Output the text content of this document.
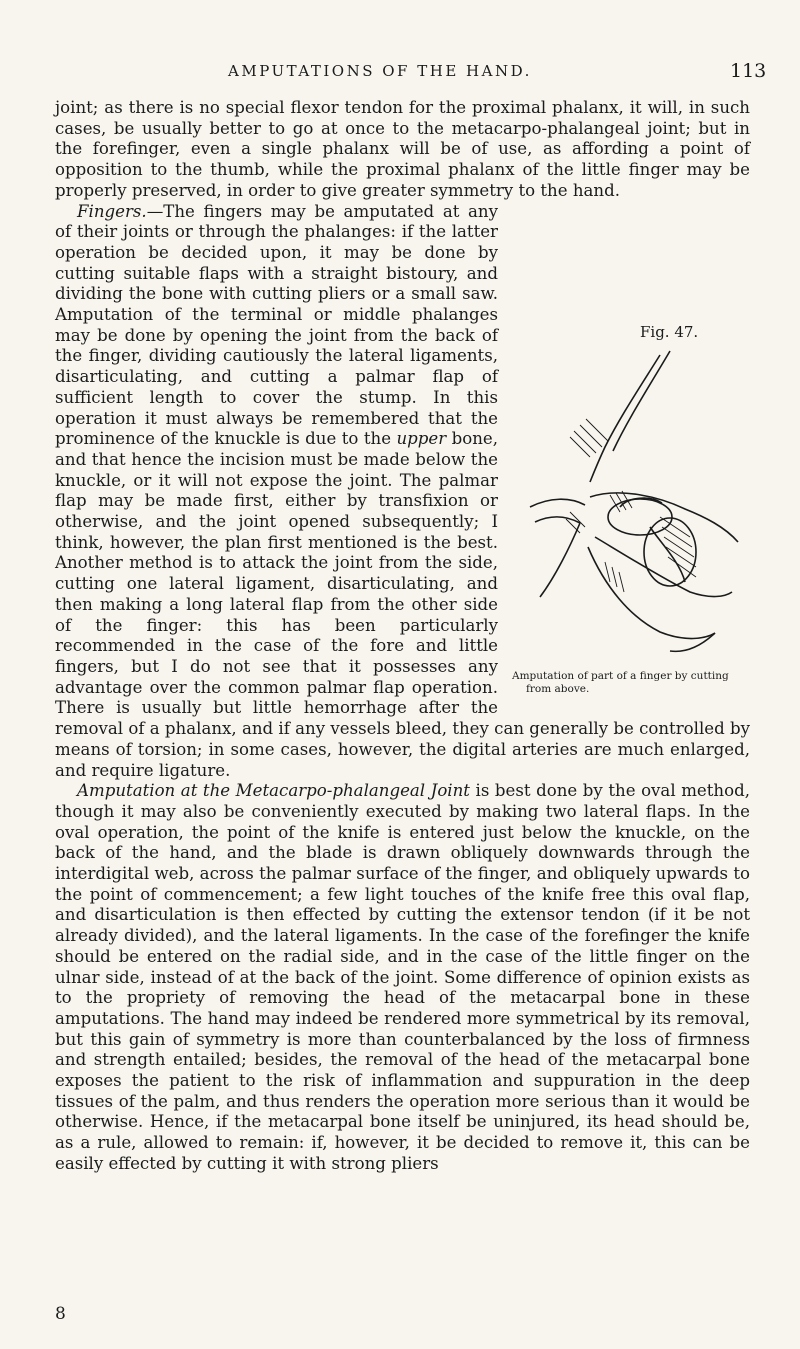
AMPUTATIONS OF THE HAND.	113

joint; as there is no special flexor tendon for the proximal phalanx, it will, in such cases, be usually better to go at once to the metacarpo-phalangeal joint; but in the forefinger, even a single phalanx will be of use, as affording a point of opposition to the thumb, while the proximal phalanx of the little finger may be properly preserved, in order to give greater symmetry to the hand.

Fig. 47.
Amputation of part of a finger by cutting
from above.

Fingers.—The fingers may be amputated at any of their joints or through the phalanges: if the latter operation be decided upon, it may be done by cutting suitable flaps with a straight bistoury, and dividing the bone with cutting pliers or a small saw. Amputation of the terminal or middle phalanges may be done by opening the joint from the back of the finger, dividing cautiously the lateral ligaments, disarticulating, and cutting a palmar flap of sufficient length to cover the stump. In this operation it must always be remembered that the prominence of the knuckle is due to the upper bone, and that hence the incision must be made below the knuckle, or it will not expose the joint. The palmar flap may be made first, either by transfixion or otherwise, and the joint opened subsequently; I think, however, the plan first mentioned is the best. Another method is to attack the joint from the side, cutting one lateral ligament, disarticulating, and then making a long lateral flap from the other side of the finger: this has been particularly recommended in the case of the fore and little fingers, but I do not see that it possesses any advantage over the common palmar flap operation. There is usually but little hemorrhage after the removal of a phalanx, and if any vessels bleed, they can generally be controlled by means of torsion; in some cases, however, the digital arteries are much enlarged, and require ligature.

Amputation at the Metacarpo-phalangeal Joint is best done by the oval method, though it may also be conveniently executed by making two lateral flaps. In the oval operation, the point of the knife is entered just below the knuckle, on the back of the hand, and the blade is drawn obliquely downwards through the interdigital web, across the palmar surface of the finger, and obliquely upwards to the point of commencement; a few light touches of the knife free this oval flap, and disarticulation is then effected by cutting the extensor tendon (if it be not already divided), and the lateral ligaments. In the case of the forefinger the knife should be entered on the radial side, and in the case of the little finger on the ulnar side, instead of at the back of the joint. Some difference of opinion exists as to the propriety of removing the head of the metacarpal bone in these amputations. The hand may indeed be rendered more symmetrical by its removal, but this gain of symmetry is more than counterbalanced by the loss of firmness and strength entailed; besides, the removal of the head of the metacarpal bone exposes the patient to the risk of inflammation and suppuration in the deep tissues of the palm, and thus renders the operation more serious than it would be otherwise. Hence, if the metacarpal bone itself be uninjured, its head should be, as a rule, allowed to remain: if, however, it be decided to remove it, this can be easily effected by cutting it with strong pliers

8
